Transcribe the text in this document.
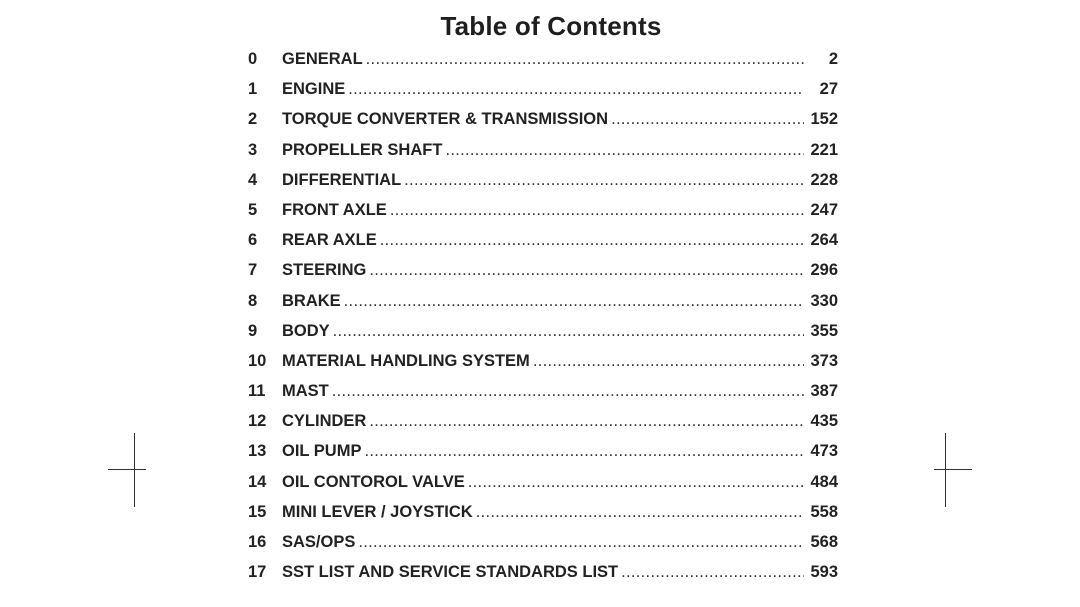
Table of Contents
0	GENERAL .....	2
1	ENGINE .....	27
2	TORQUE CONVERTER & TRANSMISSION .....	152
3	PROPELLER SHAFT .....	221
4	DIFFERENTIAL .....	228
5	FRONT AXLE .....	247
6	REAR AXLE .....	264
7	STEERING .....	296
8	BRAKE .....	330
9	BODY .....	355
10 MATERIAL HANDLING SYSTEM .....	373
11	MAST .....	387
12 CYLINDER .....	435
13 OIL PUMP .....	473
14 OIL CONTOROL VALVE .....	484
15 MINI LEVER / JOYSTICK .....	558
16 SAS/OPS .....	568
17 SST LIST AND SERVICE STANDARDS LIST .....	593
